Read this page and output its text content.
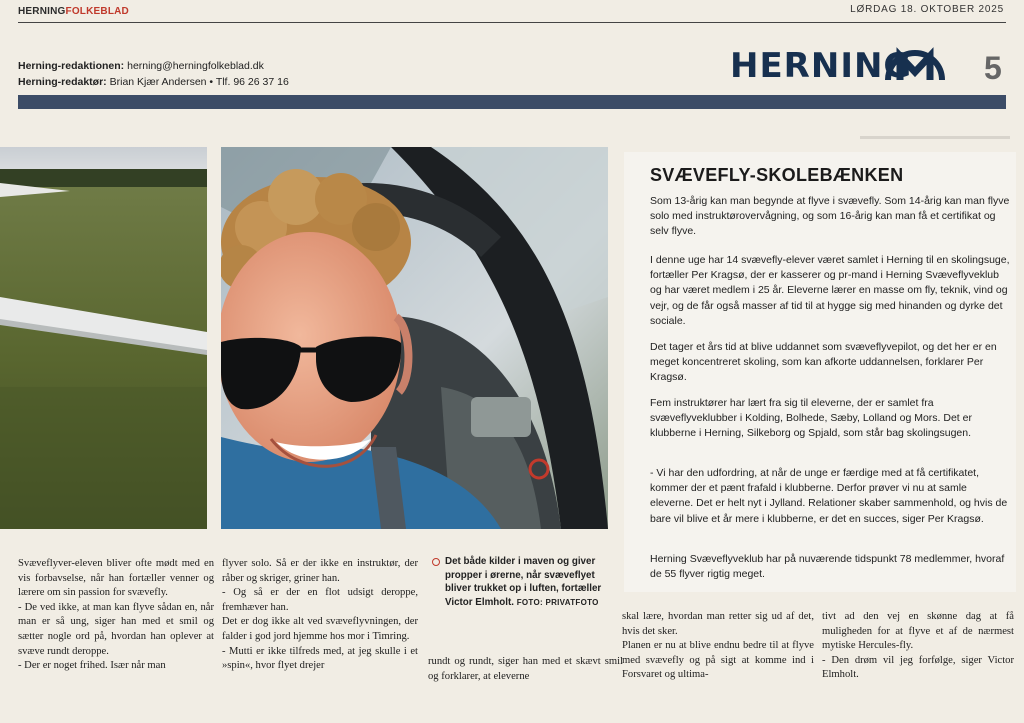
HERNINGFOLKEBLAD	LØRDAG 18. OKTOBER 2025
Herning-redaktionen: herning@herningfolkeblad.dk
Herning-redaktør: Brian Kjær Andersen • Tlf. 96 26 37 16	HERNING 5
SVÆVEFLY-SKOLEBÆNKEN
Som 13-årig kan man begynde at flyve i svævefly. Som 14-årig kan man flyve solo med instruktørovervågning, og som 16-årig kan man få et certifikat og selv flyve.
I denne uge har 14 svævefly-elever været samlet i Herning til en skolingsuge, fortæller Per Kragsø, der er kasserer og pr-mand i Herning Svæveflyveklub og har været medlem i 25 år. Eleverne lærer en masse om fly, teknik, vind og vejr, og de får også masser af tid til at hygge sig med hinanden og dyrke det sociale.
Det tager et års tid at blive uddannet som svæveflyvepilot, og det her er en meget koncentreret skoling, som kan afkorte uddannelsen, forklarer Per Kragsø.
Fem instruktører har lært fra sig til eleverne, der er samlet fra svæveflyveklubber i Kolding, Bolhede, Sæby, Lolland og Mors. Det er klubberne i Herning, Silkeborg og Spjald, som står bag skolingsugen.
- Vi har den udfordring, at når de unge er færdige med at få certifikatet, kommer der et pænt frafald i klubberne. Derfor prøver vi nu at samle eleverne. Det er helt nyt i Jylland. Relationer skaber sammenhold, og hvis de bare vil blive et år mere i klubberne, er det en succes, siger Per Kragsø.
Herning Svæveflyveklub har på nuværende tidspunkt 78 medlemmer, hvoraf de 55 flyver rigtig meget.
Det både kilder i maven og giver propper i ørerne, når svæveflyet bliver trukket op i luften, fortæller Victor Elmholt. FOTO: PRIVATFOTO

Svæveflyver-eleven bliver ofte mødt med en vis forbavselse, når han fortæller venner og lærere om sin passion for svævefly.

- De ved ikke, at man kan flyve sådan en, når man er så ung, siger han med et smil og sætter nogle ord på, hvordan han oplever at svæve rundt deroppe.

- Der er noget frihed. Især når man

flyver solo. Så er der ikke en instruktør, der råber og skriger, griner han.

- Og så er der en flot udsigt deroppe, fremhæver han.

Det er dog ikke alt ved svæveflyvningen, der falder i god jord hjemme hos mor i Timring.

- Mutti er ikke tilfreds med, at jeg skulle i et »spin«, hvor flyet drejer	rundt og rundt, siger han med et skævt smil og forklarer, at eleverne

skal lære, hvordan man retter sig ud af det, hvis det sker.

Planen er nu at blive endnu bedre til at flyve med svævefly og på sigt at komme ind i Forsvaret og ultima-

tivt ad den vej en skønne dag at få muligheden for at flyve et af de nærmest mytiske Hercules-fly.

- Den drøm vil jeg forfølge, siger Victor Elmholt.
